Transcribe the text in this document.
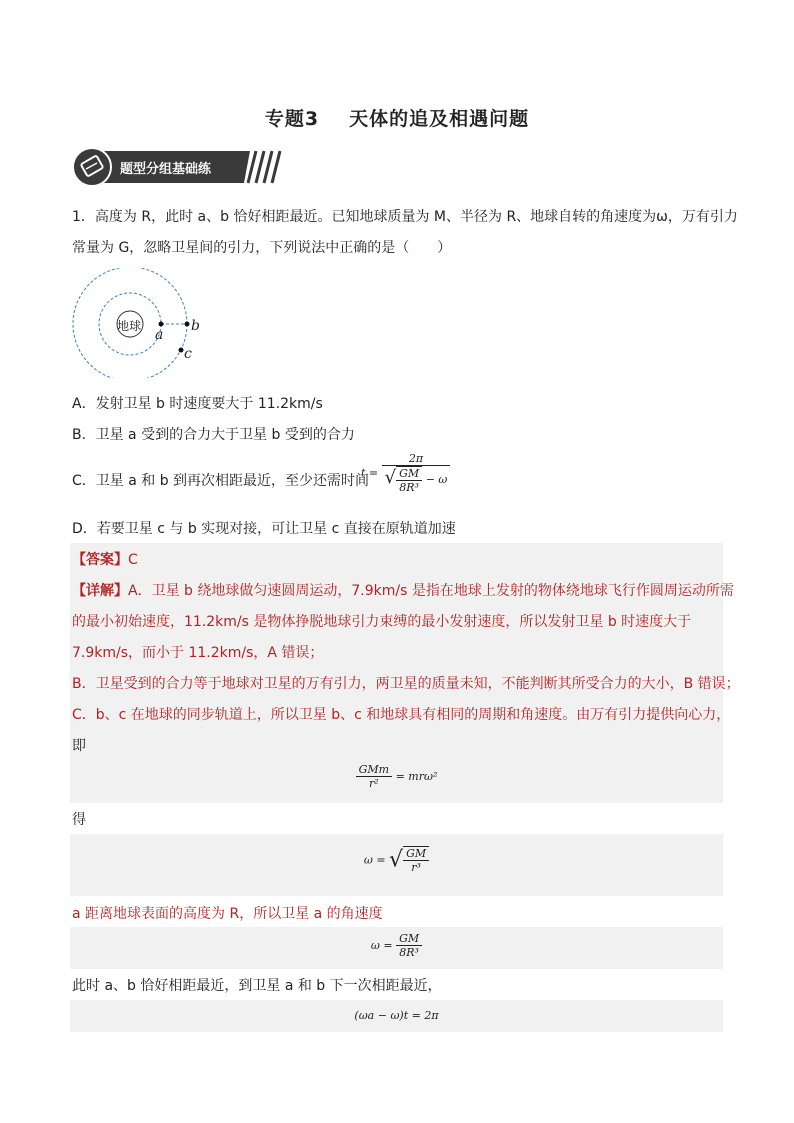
专题3 天体的追及相遇问题
题型分组基础练
1．高度为 R，此时 a、b 恰好相距最近。已知地球质量为 M、半径为 R、地球自转的角速度为ω，万有引力
常量为 G，忽略卫星间的引力，下列说法中正确的是（　　）
地球
a
b
c
A．发射卫星 b 时速度要大于 11.2km/s
B．卫星 a 受到的合力大于卫星 b 受到的合力
C．卫星 a 和 b 到再次相距最近，至少还需时间
$t = \frac{2\pi}{√ \frac{GM}{\text{8R³}} - \omega}$
D．若要卫星 c 与 b 实现对接，可让卫星 c 直接在原轨道加速
【答案】C
【详解】A．卫星 b 绕地球做匀速圆周运动，7.9km/s 是指在地球上发射的物体绕地球飞行作圆周运动所需
的最小初始速度，11.2km/s 是物体挣脱地球引力束缚的最小发射速度，所以发射卫星 b 时速度大于
7.9km/s，而小于 11.2km/s，A 错误；
B．卫星受到的合力等于地球对卫星的万有引力，两卫星的质量未知，不能判断其所受合力的大小，B 错误；
C．b、c 在地球的同步轨道上，所以卫星 b、c 和地球具有相同的周期和角速度。由万有引力提供向心力，
即
$\frac{\text{GMm}}{\text{r²}} = mr\omega^2$
得
ω = √ $\frac{GM}{\text{r³}}$
a 距离地球表面的高度为 R，所以卫星 a 的角速度
$\omega = \frac{GM}{\text{8R³}}$
此时 a、b 恰好相距最近，到卫星 a 和 b 下一次相距最近，
(ωa − ω)t = 2π
